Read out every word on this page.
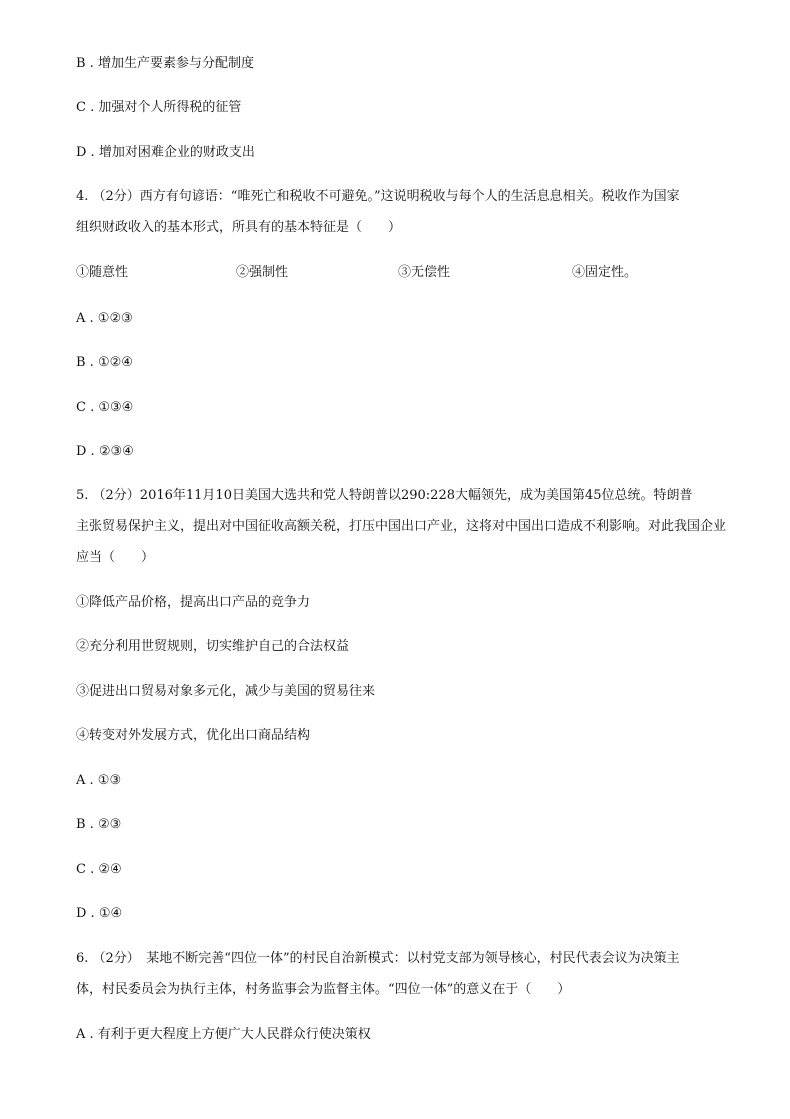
B . 增加生产要素参与分配制度
C . 加强对个人所得税的征管
D . 增加对困难企业的财政支出
4. （2分）西方有句谚语：“唯死亡和税收不可避免。”这说明税收与每个人的生活息息相关。税收作为国家
组织财政收入的基本形式，所具有的基本特征是（　　）
①随意性	②强制性	③无偿性	④固定性。
A . ①②③
B . ①②④
C . ①③④
D . ②③④
5. （2分）2016年11月10日美国大选共和党人特朗普以290:228大幅领先，成为美国第45位总统。特朗普
主张贸易保护主义，提出对中国征收高额关税，打压中国出口产业，这将对中国出口造成不利影响。对此我国企业
应当（　　）
①降低产品价格，提高出口产品的竞争力
②充分利用世贸规则，切实维护自己的合法权益
③促进出口贸易对象多元化，减少与美国的贸易往来
④转变对外发展方式，优化出口商品结构
A . ①③
B . ②③
C . ②④
D . ①④
6. （2分）　某地不断完善“四位一体”的村民自治新模式：以村党支部为领导核心，村民代表会议为决策主
体，村民委员会为执行主体，村务监事会为监督主体。“四位一体”的意义在于（　　）
A . 有利于更大程度上方便广大人民群众行使决策权
